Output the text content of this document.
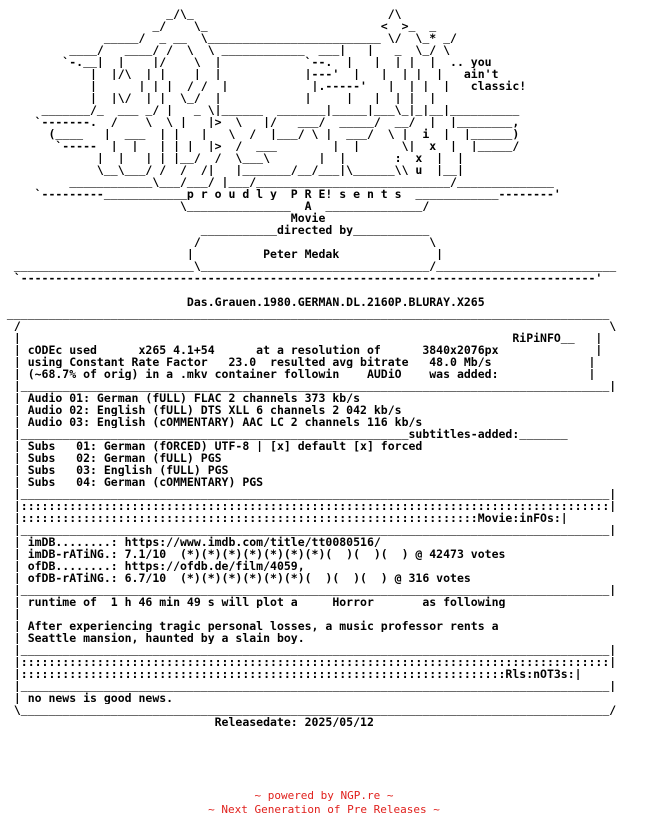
_/\_                            /\
_/    \_                         <  >_  _
_____/  _ __  \_________________________ \/  \_* _/
____/   ____/ /  \  \ ____________  ___|   |   _  \_/ \
`-.__|  |    |/    \  |            `--.  |   |  | |  |  .. you
|  |/\  | |    |  |            |---'  |   |  | |  |   ain't
|      | | |  / /  |            |.-----'   |  | |  |   classic!
|  |\/  | |  \_/  |            |     |   |  | |  |
_______/_  ___ _/ |   _ \|______  _______|_____|___\_|_|__|__________
`-------.  /    \  \ |   |>  \   |/   ___/  _____/  __/  |  |________,
(____   |  ___  | |   |   \  /  |___/ \ |  ___/  \ |  i  |  |______)
`-----  |  |   | | |  |>  /  ___        |  |      \|  x  |  |_____/
|  |   | | |__/  /  \___\       |  |       :  x  |  |
\__\___/ /  /  /|   |_______/__/___|\______\\ u  |__|
____________\___/___/ |___/____________________________/______________
`---------____________p r o u d l y  P R E! s e n t s  ____________--------'
\_______________  A  ______________/
Movie
___________directed by___________
/                                 \
|          Peter Medak              |
__________________________\_________________________________/__________________________
`-----------------------------------------------------------------------------------'

Das.Grauen.1980.GERMAN.DL.2160P.BLURAY.X265
_______________________________________________________________________________________
/                                                                                     \
|                                                                       RiPiNFO__   |
| cODEc used      x265 4.1+54      at a resolution of      3840x2076px              |
| using Constant Rate Factor   23.0  resulted avg bitrate   48.0 Mb/s              |
| (~68.7% of orig) in a .mkv container followin    AUDiO    was added:             |
|_____________________________________________________________________________________|
| Audio 01: German (fULL) FLAC 2 channels 373 kb/s
| Audio 02: English (fULL) DTS XLL 6 channels 2 042 kb/s
| Audio 03: English (cOMMENTARY) AAC LC 2 channels 116 kb/s
|________________________________________________________subtitles-added:_______
| Subs   01: German (fORCED) UTF-8 | [x] default [x] forced
| Subs   02: German (fULL) PGS
| Subs   03: English (fULL) PGS
| Subs   04: German (cOMMENTARY) PGS
|_____________________________________________________________________________________|
|:::::::::::::::::::::::::::::::::::::::::::::::::::::::::::::::::::::::::::::::::::::|
|::::::::::::::::::::::::::::::::::::::::::::::::::::::::::::::::::Movie:inFOs:|
|_____________________________________________________________________________________|
| imDB........: https://www.imdb.com/title/tt0080516/
| imDB-rATiNG.: 7.1/10  (*)(*)(*)(*)(*)(*)(*)(  )(  )(  ) @ 42473 votes
| ofDB........: https://ofdb.de/film/4059,
| ofDB-rATiNG.: 6.7/10  (*)(*)(*)(*)(*)(*)(  )(  )(  ) @ 316 votes
|_____________________________________________________________________________________|
| runtime of  1 h 46 min 49 s will plot a     Horror       as following
|
| After experiencing tragic personal losses, a music professor rents a
| Seattle mansion, haunted by a slain boy.
|_____________________________________________________________________________________|
|:::::::::::::::::::::::::::::::::::::::::::::::::::::::::::::::::::::::::::::::::::::|
|::::::::::::::::::::::::::::::::::::::::::::::::::::::::::::::::::::::Rls:nOT3s:|
|_____________________________________________________________________________________|
| no news is good news.
\_____________________________________________________________________________________/
Releasedate: 2025/05/12
~ powered by NGP.re ~
~ Next Generation of Pre Releases ~
